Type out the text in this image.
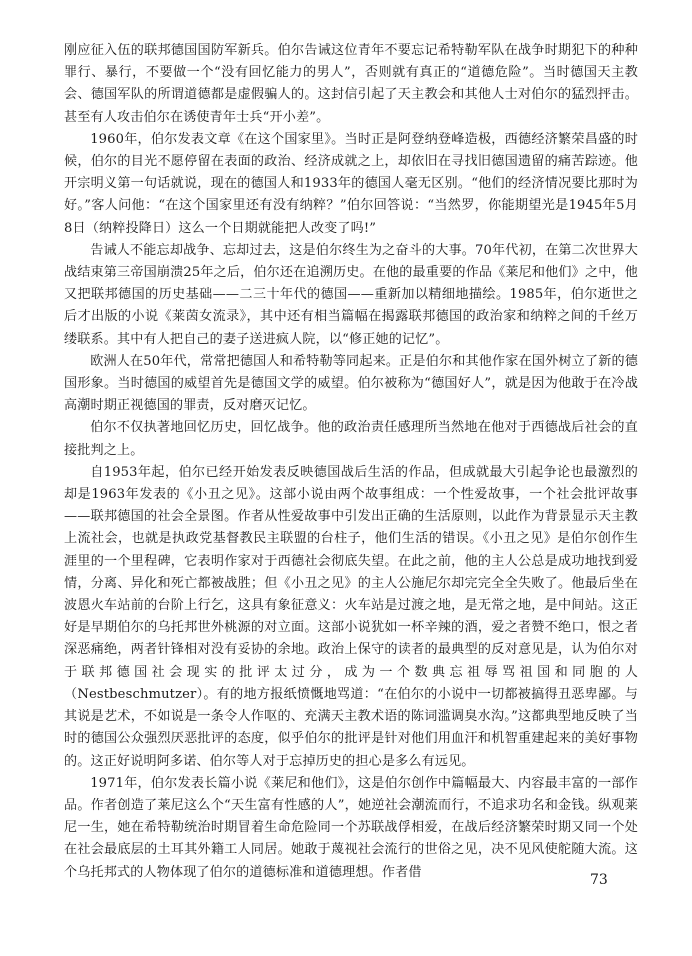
刚应征入伍的联邦德国国防军新兵。伯尔告诫这位青年不要忘记希特勒军队在战争时期犯下的种种罪行、暴行，不要做一个“没有回忆能力的男人”，否则就有真正的“道德危险”。当时德国天主教会、德国军队的所谓道德都是虚假骗人的。这封信引起了天主教会和其他人士对伯尔的猛烈抨击。甚至有人攻击伯尔在诱使青年士兵“开小差”。

1960年，伯尔发表文章《在这个国家里》。当时正是阿登纳登峰造极，西德经济繁荣昌盛的时候，伯尔的目光不愿停留在表面的政治、经济成就之上，却依旧在寻找旧德国遗留的痛苦踪迹。他开宗明义第一句话就说，现在的德国人和1933年的德国人毫无区别。“他们的经济情况要比那时为好。”客人问他：“在这个国家里还有没有纳粹？”伯尔回答说：“当然罗，你能期望光是1945年5月8日（纳粹投降日）这么一个日期就能把人改变了吗!”

告诫人不能忘却战争、忘却过去，这是伯尔终生为之奋斗的大事。70年代初，在第二次世界大战结束第三帝国崩溃25年之后，伯尔还在追溯历史。在他的最重要的作品《莱尼和他们》之中，他又把联邦德国的历史基础——二三十年代的德国——重新加以精细地描绘。1985年，伯尔逝世之后才出版的小说《莱茵女流录》，其中还有相当篇幅在揭露联邦德国的政治家和纳粹之间的千丝万缕联系。其中有人把自己的妻子送进疯人院，以“修正她的记忆”。

欧洲人在50年代，常常把德国人和希特勒等同起来。正是伯尔和其他作家在国外树立了新的德国形象。当时德国的威望首先是德国文学的威望。伯尔被称为“德国好人”，就是因为他敢于在冷战高潮时期正视德国的罪责，反对磨灭记忆。

伯尔不仅执著地回忆历史，回忆战争。他的政治责任感理所当然地在他对于西德战后社会的直接批判之上。

自1953年起，伯尔已经开始发表反映德国战后生活的作品，但成就最大引起争论也最激烈的却是1963年发表的《小丑之见》。这部小说由两个故事组成：一个性爱故事，一个社会批评故事——联邦德国的社会全景图。作者从性爱故事中引发出正确的生活原则，以此作为背景显示天主教上流社会，也就是执政党基督教民主联盟的台柱子，他们生活的错误。《小丑之见》是伯尔创作生涯里的一个里程碑，它表明作家对于西德社会彻底失望。在此之前，他的主人公总是成功地找到爱情，分离、异化和死亡都被战胜；但《小丑之见》的主人公施尼尔却完完全全失败了。他最后坐在波恩火车站前的台阶上行乞，这具有象征意义：火车站是过渡之地，是无常之地，是中间站。这正好是早期伯尔的乌托邦世外桃源的对立面。这部小说犹如一杯辛辣的酒，爱之者赞不绝口，恨之者深恶痛绝，两者针锋相对没有妥协的余地。政治上保守的读者的最典型的反对意见是，认为伯尔对于联邦德国社会现实的批评太过分，成为一个数典忘祖辱骂祖国和同胞的人（Nestbeschmutzer）。有的地方报纸愤慨地骂道：“在伯尔的小说中一切都被搞得丑恶卑鄙。与其说是艺术，不如说是一条令人作呕的、充满天主教术语的陈词滥调臭水沟。”这都典型地反映了当时的德国公众强烈厌恶批评的态度，似乎伯尔的批评是针对他们用血汗和机智重建起来的美好事物的。这正好说明阿多诺、伯尔等人对于忘掉历史的担心是多么有远见。

1971年，伯尔发表长篇小说《莱尼和他们》，这是伯尔创作中篇幅最大、内容最丰富的一部作品。作者创造了莱尼这么个“天生富有性感的人”，她逆社会潮流而行，不追求功名和金钱。纵观莱尼一生，她在希特勒统治时期冒着生命危险同一个苏联战俘相爱，在战后经济繁荣时期又同一个处在社会最底层的土耳其外籍工人同居。她敢于蔑视社会流行的世俗之见，决不见风使舵随大流。这个乌托邦式的人物体现了伯尔的道德标准和道德理想。作者借	73
